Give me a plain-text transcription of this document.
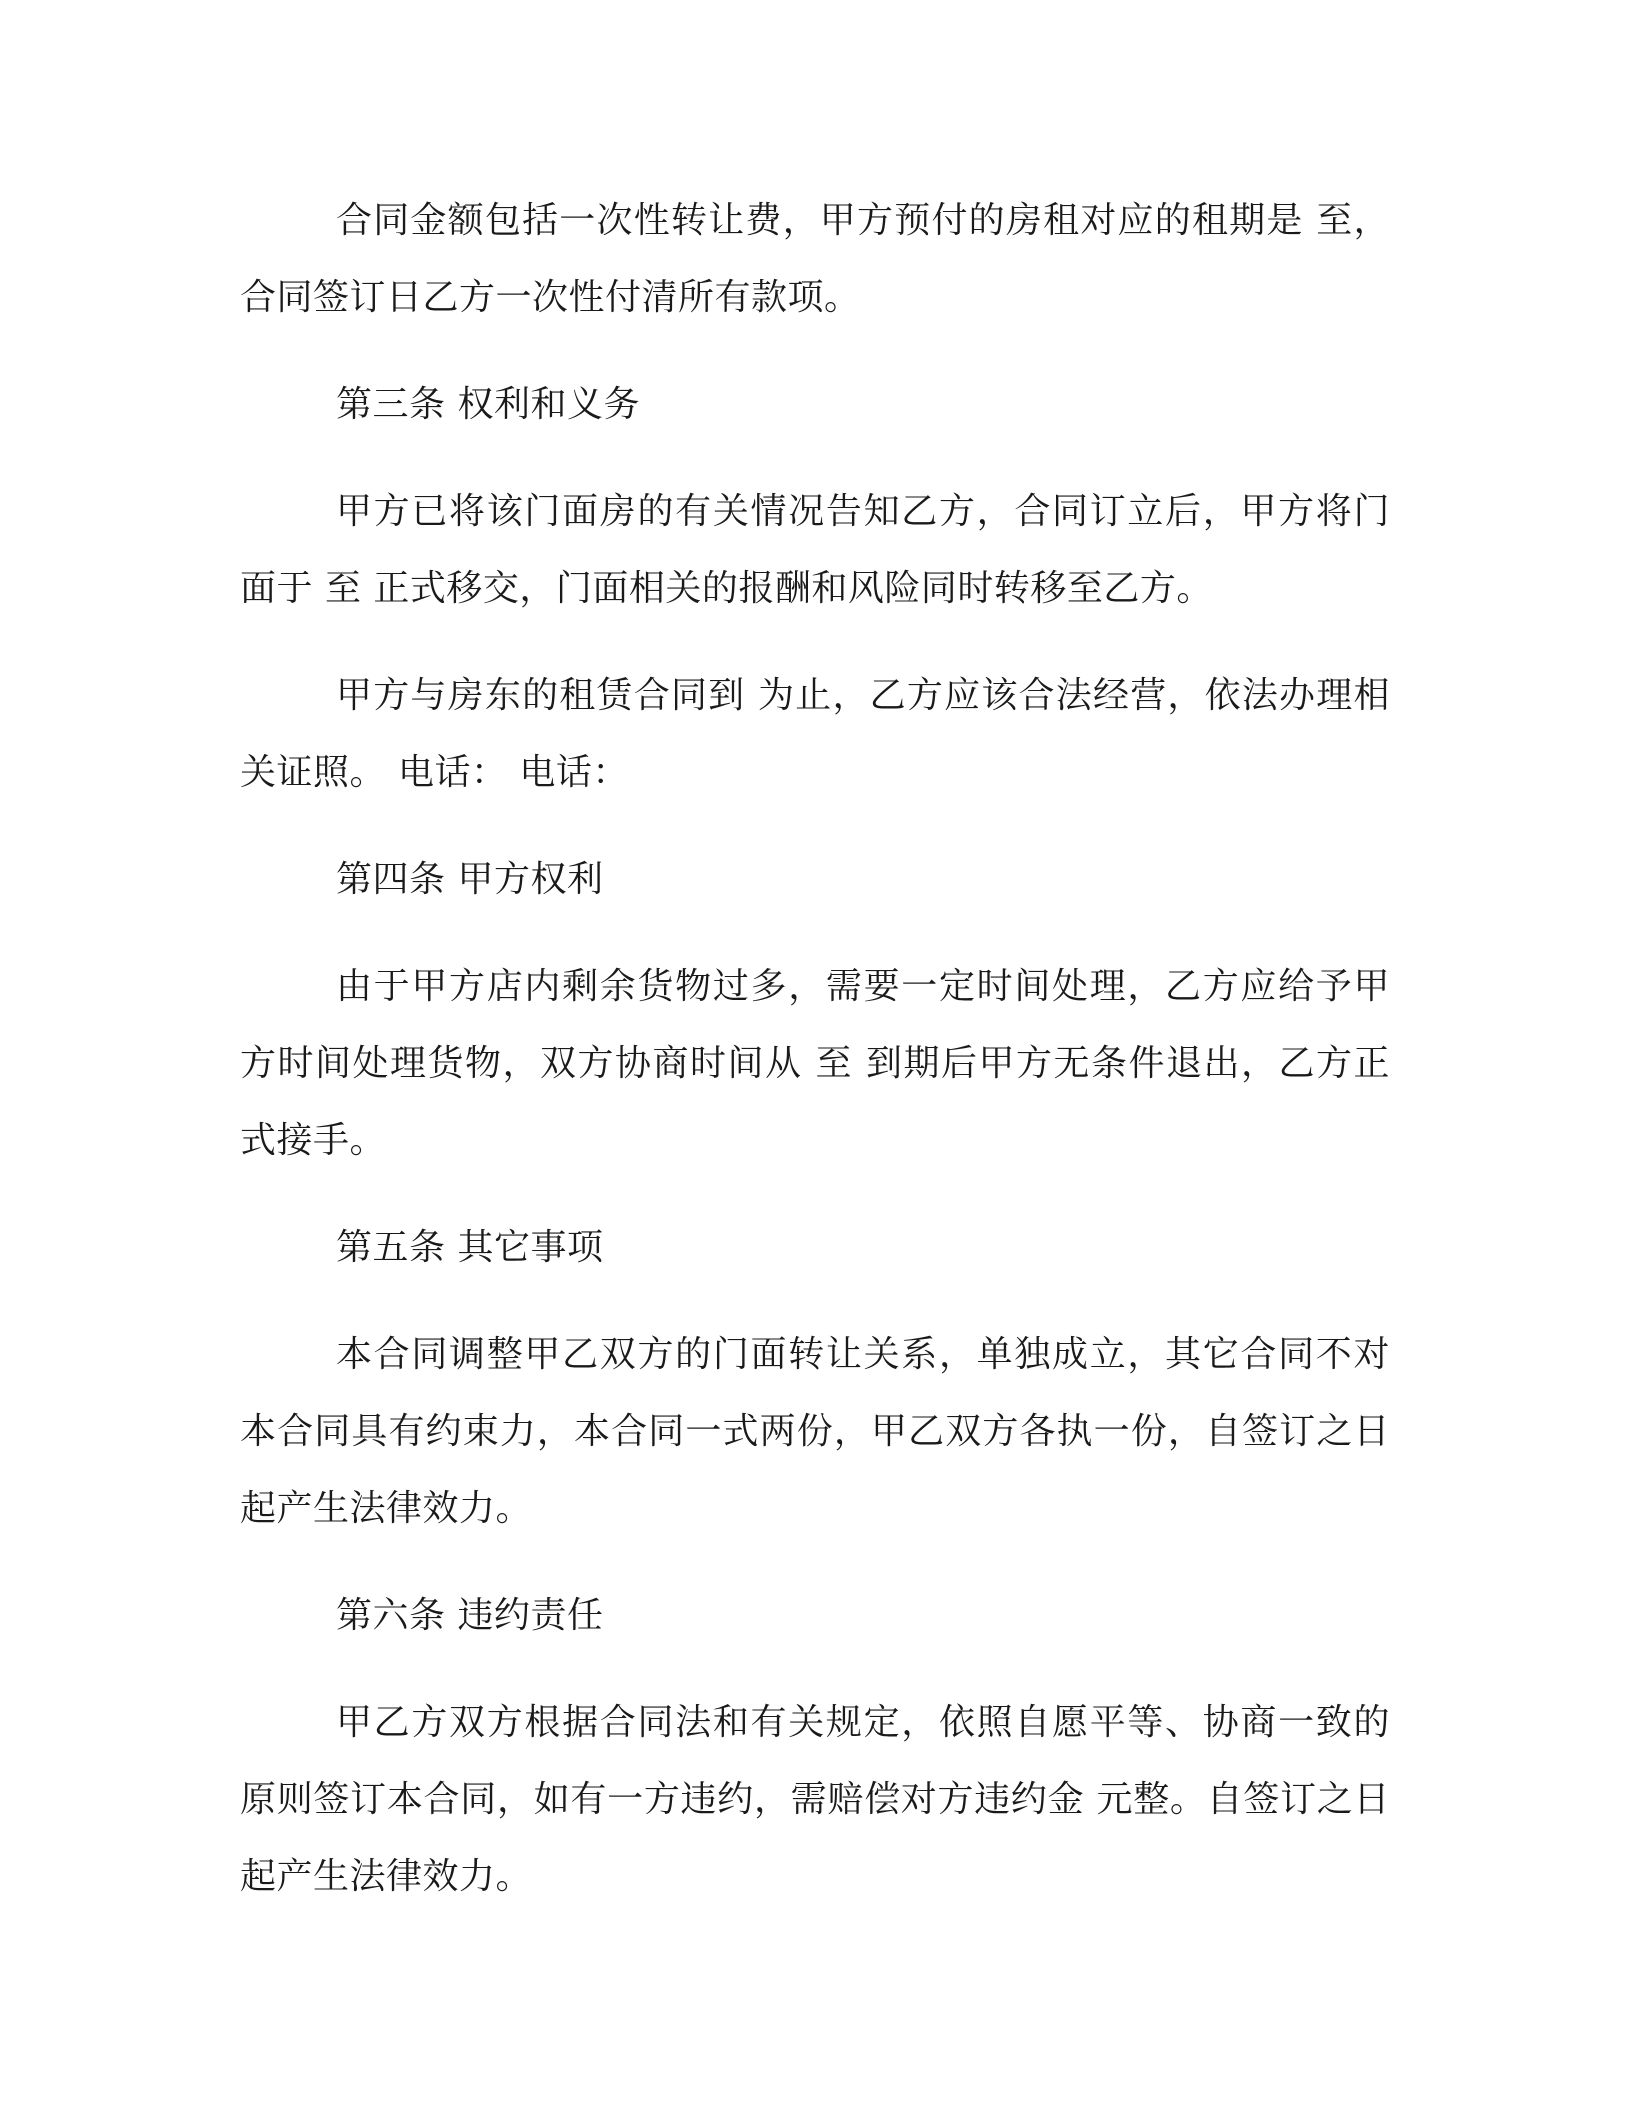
合同金额包括一次性转让费，甲方预付的房租对应的租期是 至，合同签订日乙方一次性付清所有款项。

第三条 权利和义务

甲方已将该门面房的有关情况告知乙方，合同订立后，甲方将门面于 至 正式移交，门面相关的报酬和风险同时转移至乙方。

甲方与房东的租赁合同到 为止，乙方应该合法经营，依法办理相关证照。 电话： 电话：

第四条 甲方权利

由于甲方店内剩余货物过多，需要一定时间处理，乙方应给予甲方时间处理货物，双方协商时间从 至 到期后甲方无条件退出，乙方正式接手。

第五条 其它事项

本合同调整甲乙双方的门面转让关系，单独成立，其它合同不对本合同具有约束力，本合同一式两份，甲乙双方各执一份，自签订之日起产生法律效力。

第六条 违约责任

甲乙方双方根据合同法和有关规定，依照自愿平等、协商一致的原则签订本合同，如有一方违约，需赔偿对方违约金 元整。自签订之日起产生法律效力。
